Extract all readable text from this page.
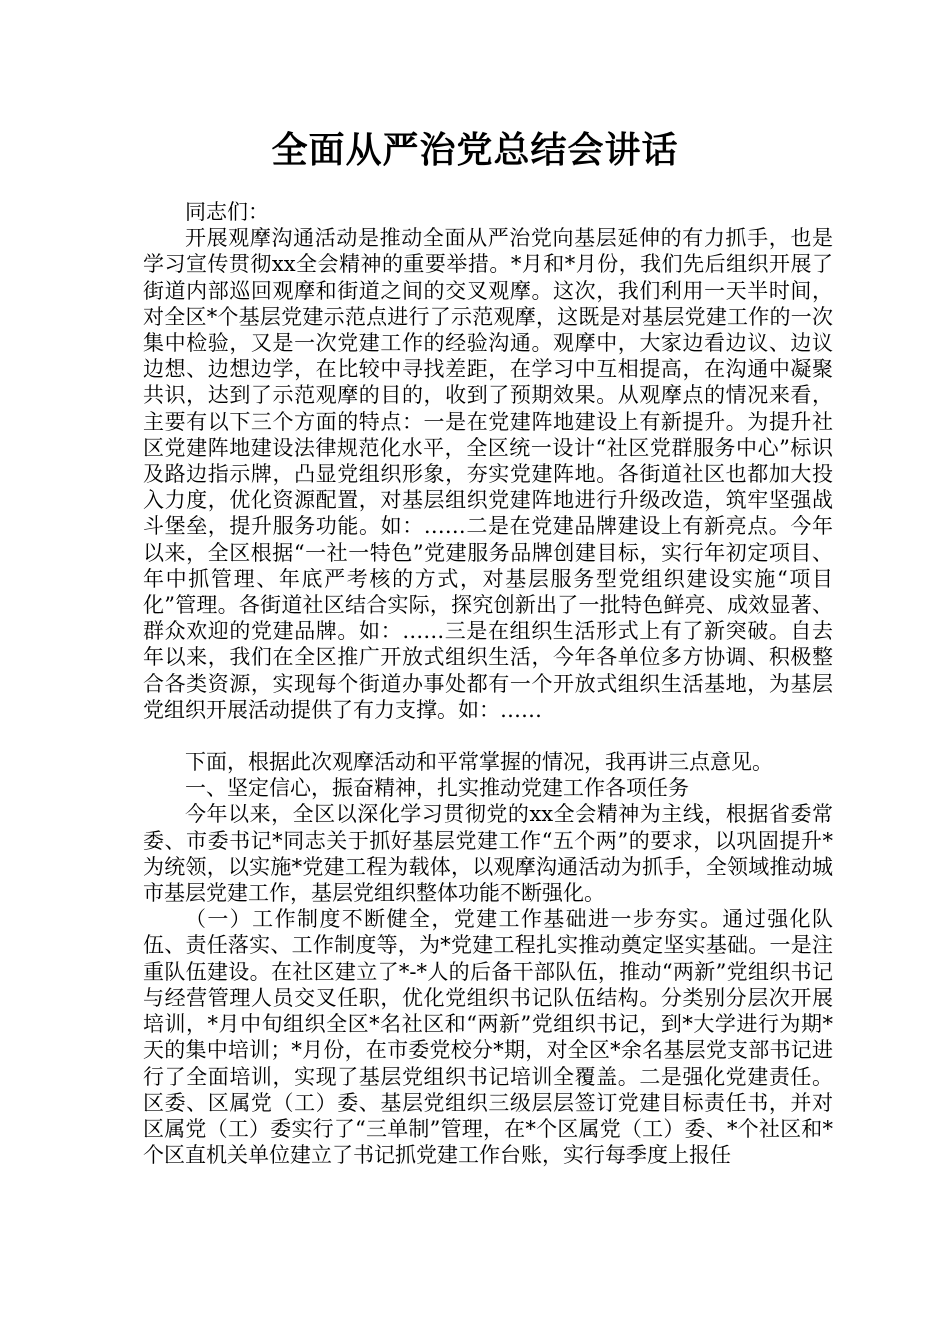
全面从严治党总结会讲话

同志们：

开展观摩沟通活动是推动全面从严治党向基层延伸的有力抓手，也是学习宣传贯彻xx全会精神的重要举措。*月和*月份，我们先后组织开展了街道内部巡回观摩和街道之间的交叉观摩。这次，我们利用一天半时间，对全区*个基层党建示范点进行了示范观摩，这既是对基层党建工作的一次集中检验，又是一次党建工作的经验沟通。观摩中，大家边看边议、边议边想、边想边学，在比较中寻找差距，在学习中互相提高，在沟通中凝聚共识，达到了示范观摩的目的，收到了预期效果。从观摩点的情况来看，主要有以下三个方面的特点：一是在党建阵地建设上有新提升。为提升社区党建阵地建设法律规范化水平，全区统一设计“社区党群服务中心”标识及路边指示牌，凸显党组织形象，夯实党建阵地。各街道社区也都加大投入力度，优化资源配置，对基层组织党建阵地进行升级改造，筑牢坚强战斗堡垒，提升服务功能。如：……二是在党建品牌建设上有新亮点。今年以来，全区根据“一社一特色”党建服务品牌创建目标，实行年初定项目、年中抓管理、年底严考核的方式，对基层服务型党组织建设实施“项目化”管理。各街道社区结合实际，探究创新出了一批特色鲜亮、成效显著、群众欢迎的党建品牌。如：……三是在组织生活形式上有了新突破。自去年以来，我们在全区推广开放式组织生活，今年各单位多方协调、积极整合各类资源，实现每个街道办事处都有一个开放式组织生活基地，为基层党组织开展活动提供了有力支撑。如：……

下面，根据此次观摩活动和平常掌握的情况，我再讲三点意见。

一、坚定信心，振奋精神，扎实推动党建工作各项任务

今年以来，全区以深化学习贯彻党的xx全会精神为主线，根据省委常委、市委书记*同志关于抓好基层党建工作“五个两”的要求，以巩固提升*为统领，以实施*党建工程为载体，以观摩沟通活动为抓手，全领域推动城市基层党建工作，基层党组织整体功能不断强化。

（一）工作制度不断健全，党建工作基础进一步夯实。通过强化队伍、责任落实、工作制度等，为*党建工程扎实推动奠定坚实基础。一是注重队伍建设。在社区建立了*-*人的后备干部队伍，推动“两新”党组织书记与经营管理人员交叉任职，优化党组织书记队伍结构。分类别分层次开展培训，*月中旬组织全区*名社区和“两新”党组织书记，到*大学进行为期*天的集中培训；*月份，在市委党校分*期，对全区*余名基层党支部书记进行了全面培训，实现了基层党组织书记培训全覆盖。二是强化党建责任。区委、区属党（工）委、基层党组织三级层层签订党建目标责任书，并对区属党（工）委实行了“三单制”管理，在*个区属党（工）委、*个社区和*个区直机关单位建立了书记抓党建工作台账，实行每季度上报任
